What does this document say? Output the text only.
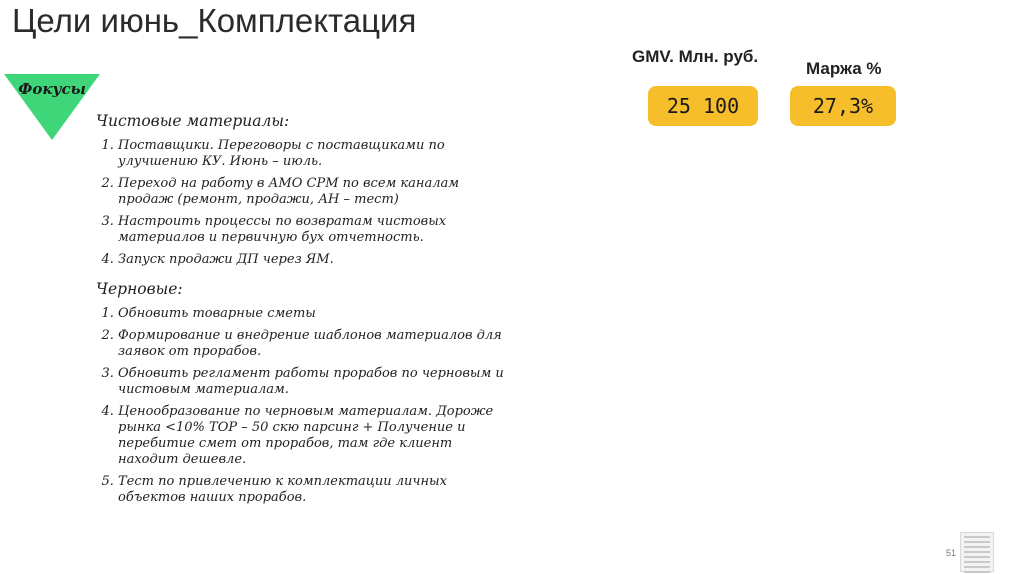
Цели июнь_Комплектация
Фокусы
GMV. Млн. руб.
Маржа %
25 100	27,3%
Чистовые материалы:
1. Поставщики. Переговоры с поставщиками по улучшению КУ. Июнь – июль.
2. Переход на работу в АМО СРМ по всем каналам продаж (ремонт, продажи, АН – тест)
3. Настроить процессы по возвратам чистовых материалов и первичную бух отчетность.
4. Запуск продажи ДП через ЯМ.
Черновые:
1. Обновить товарные сметы
2. Формирование и внедрение шаблонов материалов для заявок от прорабов.
3. Обновить регламент работы прорабов по черновым и чистовым материалам.
4. Ценообразование по черновым материалам. Дороже рынка <10% ТОР – 50 скю парсинг + Получение и перебитие смет от прорабов, там где клиент находит дешевле.
5. Тест по привлечению к комплектации личных объектов наших прорабов.
51
